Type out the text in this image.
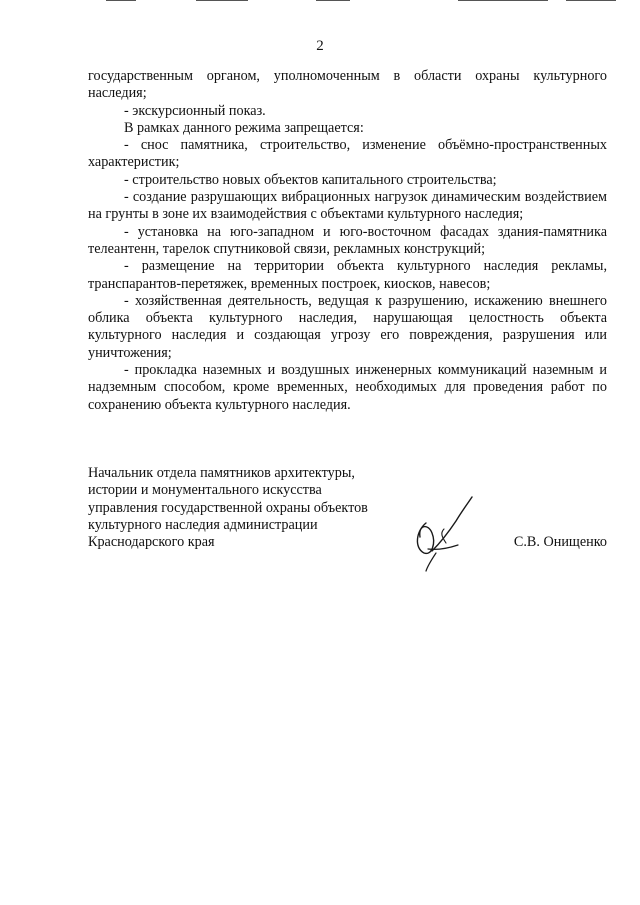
2

государственным органом, уполномоченным в области охраны культурного наследия;

- экскурсионный показ.

В рамках данного режима запрещается:

- снос памятника, строительство, изменение объёмно-пространственных характеристик;

- строительство новых объектов капитального строительства;

- создание разрушающих вибрационных нагрузок динамическим воздействием на грунты в зоне их взаимодействия с объектами культурного наследия;

- установка на юго-западном и юго-восточном фасадах здания-памятника телеантенн, тарелок спутниковой связи, рекламных конструкций;

- размещение на территории объекта культурного наследия рекламы, транспарантов-перетяжек, временных построек, киосков, навесов;

- хозяйственная деятельность, ведущая к разрушению, искажению внешнего облика объекта культурного наследия, нарушающая целостность объекта культурного наследия и создающая угрозу его повреждения, разрушения или уничтожения;

- прокладка наземных и воздушных инженерных коммуникаций наземным и надземным способом, кроме временных, необходимых для проведения работ по сохранению объекта культурного наследия.

Начальник отдела памятников архитектуры,
истории и монументального искусства
управления государственной охраны объектов
культурного наследия администрации
Краснодарского края	С.В. Онищенко
